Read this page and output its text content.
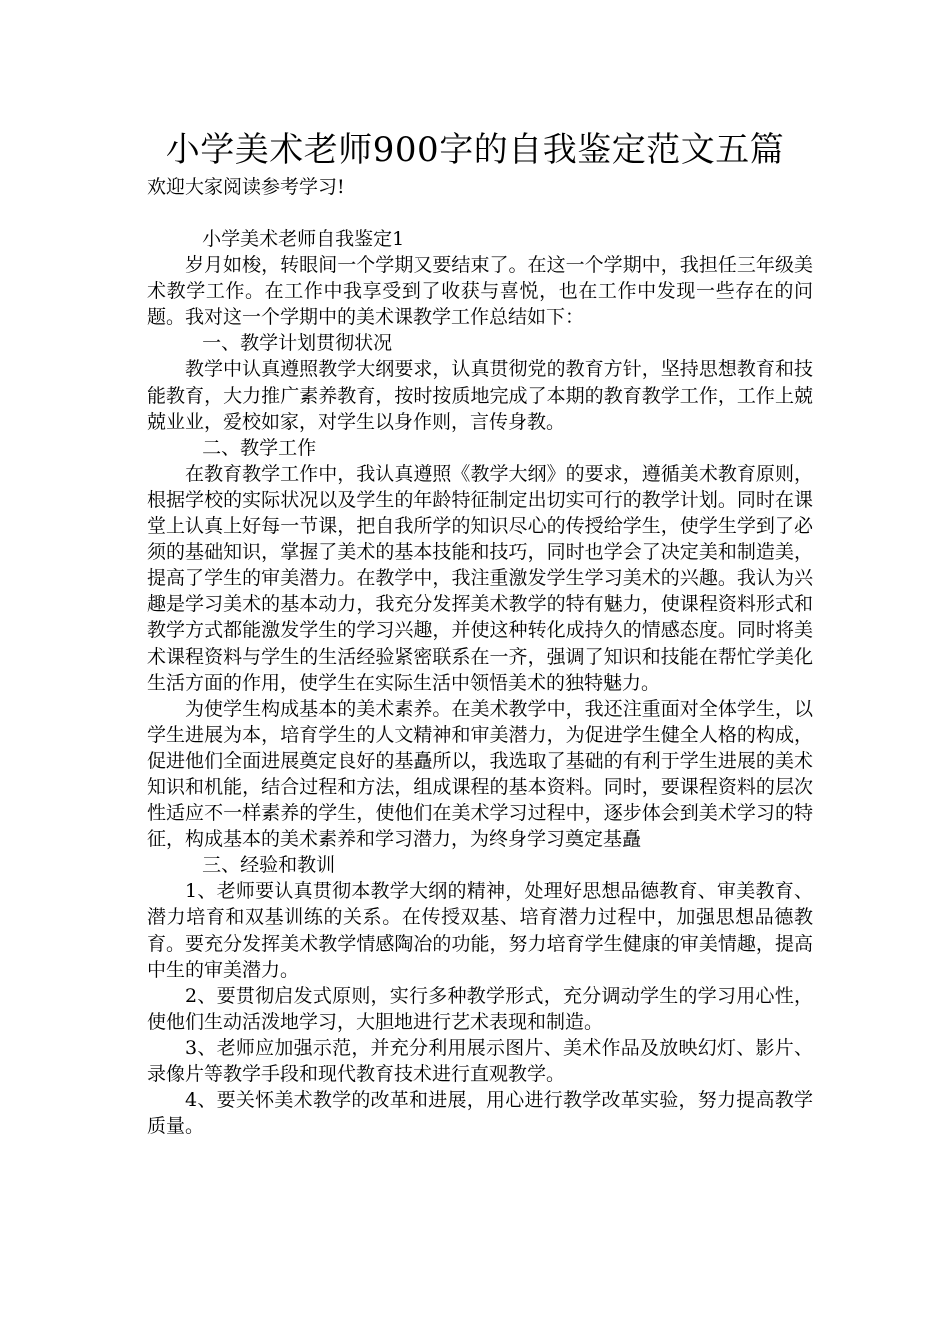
小学美术老师900字的自我鉴定范文五篇

欢迎大家阅读参考学习!

小学美术老师自我鉴定1

岁月如梭，转眼间一个学期又要结束了。在这一个学期中，我担任三年级美术教学工作。在工作中我享受到了收获与喜悦，也在工作中发现一些存在的问题。我对这一个学期中的美术课教学工作总结如下：

一、教学计划贯彻状况

教学中认真遵照教学大纲要求，认真贯彻党的教育方针，坚持思想教育和技能教育，大力推广素养教育，按时按质地完成了本期的教育教学工作，工作上兢兢业业，爱校如家，对学生以身作则，言传身教。

二、教学工作

在教育教学工作中，我认真遵照《教学大纲》的要求，遵循美术教育原则，根据学校的实际状况以及学生的年龄特征制定出切实可行的教学计划。同时在课堂上认真上好每一节课，把自我所学的知识尽心的传授给学生，使学生学到了必须的基础知识，掌握了美术的基本技能和技巧，同时也学会了决定美和制造美，提高了学生的审美潜力。在教学中，我注重激发学生学习美术的兴趣。我认为兴趣是学习美术的基本动力，我充分发挥美术教学的特有魅力，使课程资料形式和教学方式都能激发学生的学习兴趣，并使这种转化成持久的情感态度。同时将美术课程资料与学生的生活经验紧密联系在一齐，强调了知识和技能在帮忙学美化生活方面的作用，使学生在实际生活中领悟美术的独特魅力。

为使学生构成基本的美术素养。在美术教学中，我还注重面对全体学生，以学生进展为本，培育学生的人文精神和审美潜力，为促进学生健全人格的构成，促进他们全面进展奠定良好的基矗所以，我选取了基础的有利于学生进展的美术知识和机能，结合过程和方法，组成课程的基本资料。同时，要课程资料的层次性适应不一样素养的学生，使他们在美术学习过程中，逐步体会到美术学习的特征，构成基本的美术素养和学习潜力，为终身学习奠定基矗

三、经验和教训

1、老师要认真贯彻本教学大纲的精神，处理好思想品德教育、审美教育、潜力培育和双基训练的关系。在传授双基、培育潜力过程中，加强思想品德教育。要充分发挥美术教学情感陶冶的功能，努力培育学生健康的审美情趣，提高中生的审美潜力。

2、要贯彻启发式原则，实行多种教学形式，充分调动学生的学习用心性，使他们生动活泼地学习，大胆地进行艺术表现和制造。

3、老师应加强示范，并充分利用展示图片、美术作品及放映幻灯、影片、录像片等教学手段和现代教育技术进行直观教学。

4、要关怀美术教学的改革和进展，用心进行教学改革实验，努力提高教学质量。
